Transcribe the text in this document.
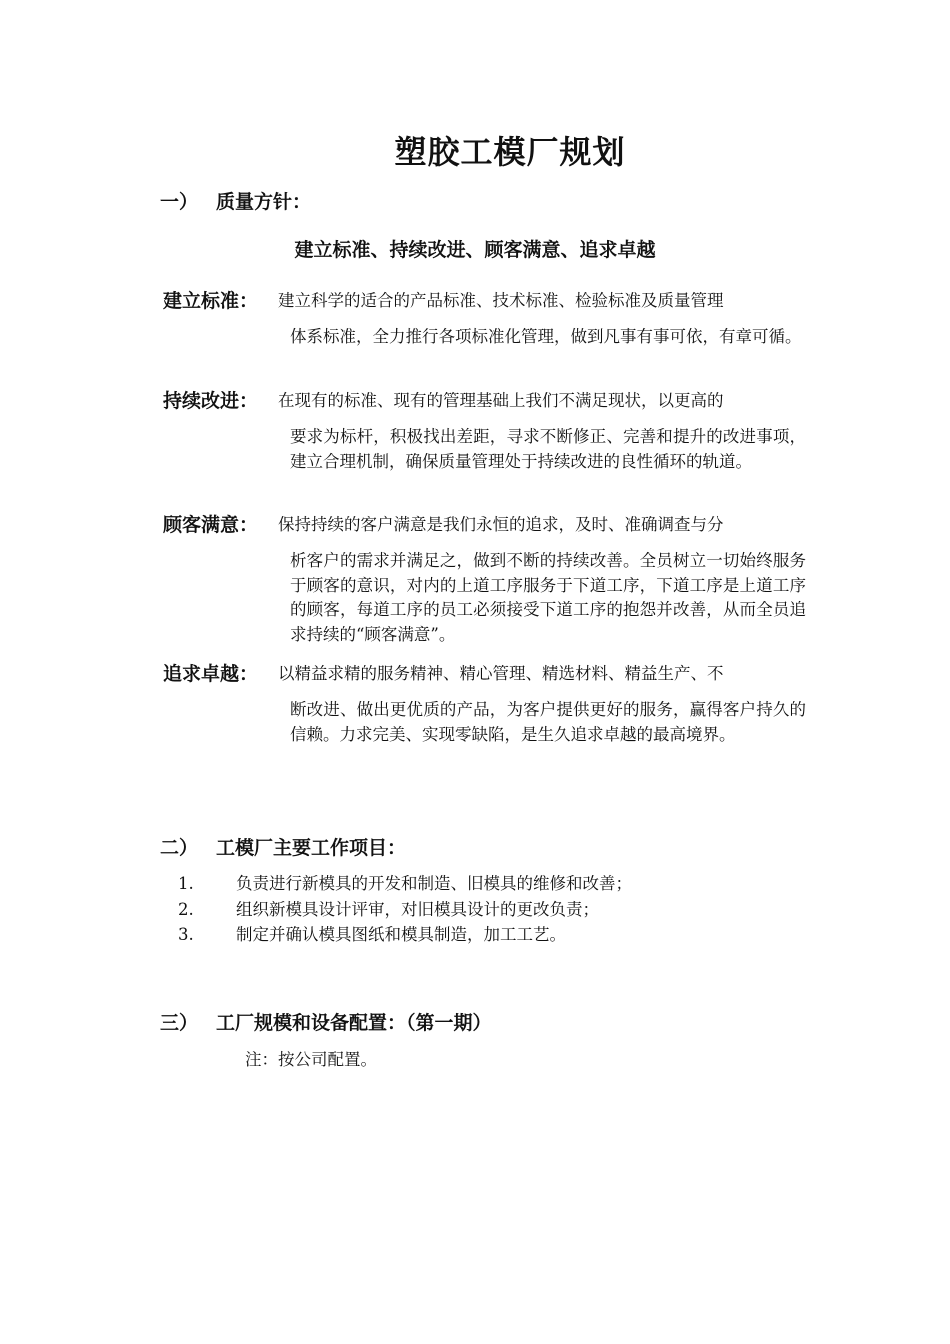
塑胶工模厂规划
一） 质量方针：
建立标准、持续改进、顾客满意、追求卓越
建立标准： 建立科学的适合的产品标准、技术标准、检验标准及质量管理
体系标准，全力推行各项标准化管理，做到凡事有事可依，有章可循。
持续改进： 在现有的标准、现有的管理基础上我们不满足现状，以更高的
要求为标杆，积极找出差距，寻求不断修正、完善和提升的改进事项，建立合理机制，确保质量管理处于持续改进的良性循环的轨道。
顾客满意： 保持持续的客户满意是我们永恒的追求，及时、准确调查与分
析客户的需求并满足之，做到不断的持续改善。全员树立一切始终服务于顾客的意识，对内的上道工序服务于下道工序，下道工序是上道工序的顾客，每道工序的员工必须接受下道工序的抱怨并改善，从而全员追求持续的“顾客满意”。
追求卓越： 以精益求精的服务精神、精心管理、精选材料、精益生产、不
断改进、做出更优质的产品，为客户提供更好的服务，赢得客户持久的信赖。力求完美、实现零缺陷，是生久追求卓越的最高境界。
二） 工模厂主要工作项目：
1.	负责进行新模具的开发和制造、旧模具的维修和改善；
2.	组织新模具设计评审，对旧模具设计的更改负责；
3.	制定并确认模具图纸和模具制造，加工工艺。
三） 工厂规模和设备配置：（第一期）
注：按公司配置。
